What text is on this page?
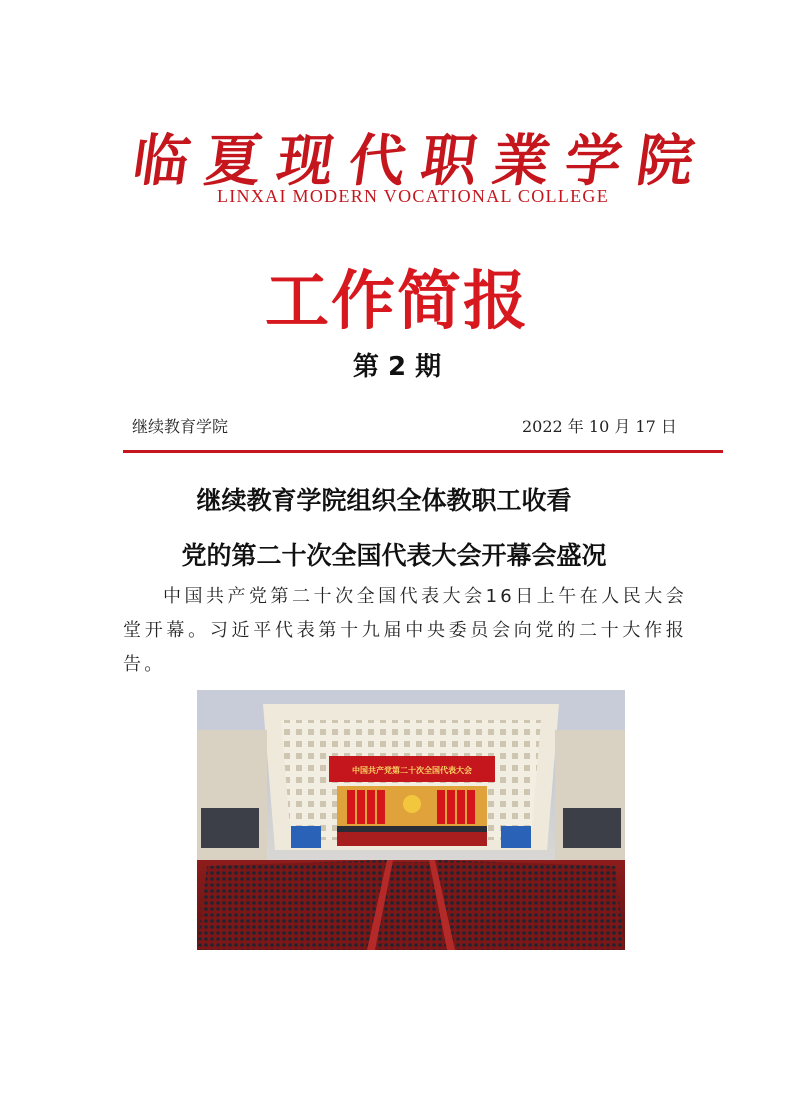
临 夏 现 代 职 業 学 院
LINXAI MODERN VOCATIONAL COLLEGE
工作简报
第 2 期
继续教育学院	2022 年 10 月 17 日
继续教育学院组织全体教职工收看
党的第二十次全国代表大会开幕会盛况
中国共产党第二十次全国代表大会16日上午在人民大会堂开幕。习近平代表第十九届中央委员会向党的二十大作报告。
中国共产党第二十次全国代表大会
